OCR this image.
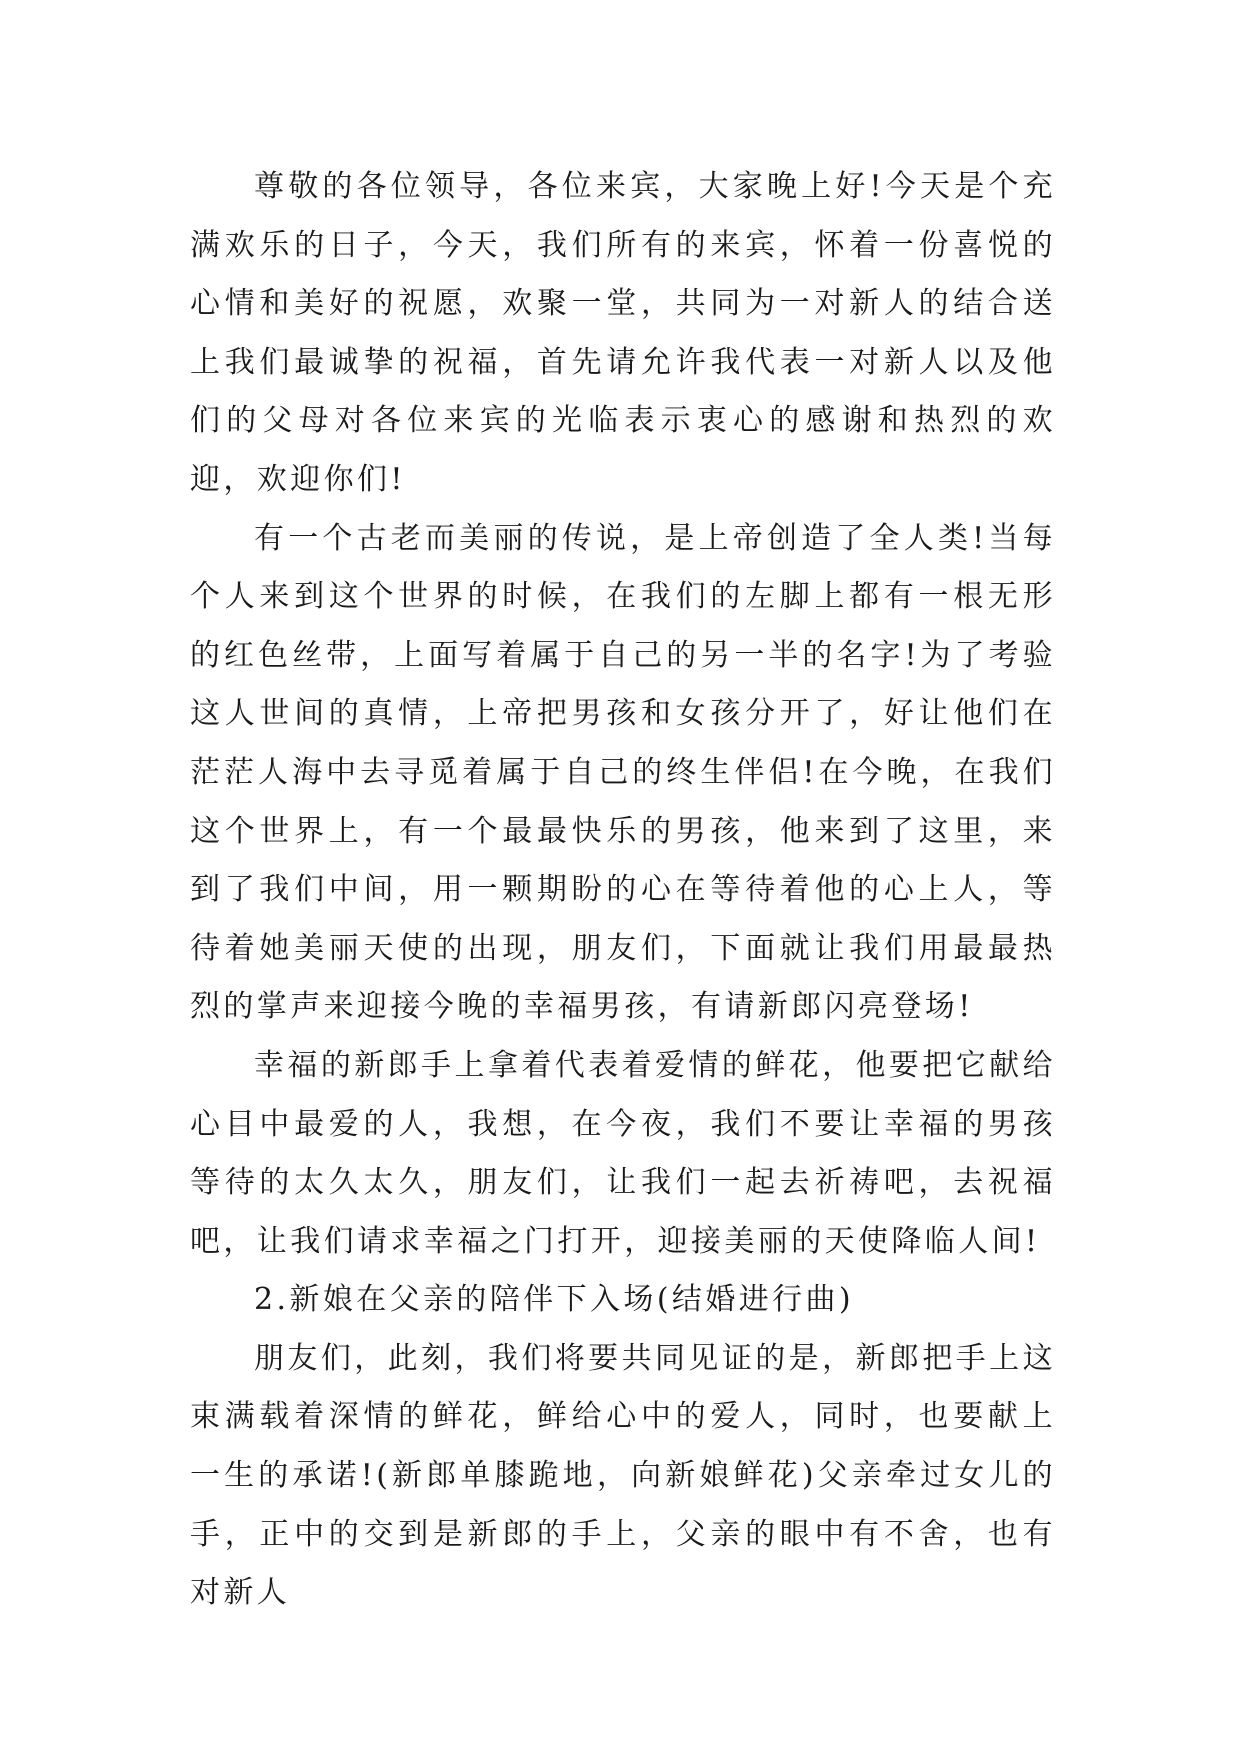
尊敬的各位领导，各位来宾，大家晚上好!今天是个充满欢乐的日子，今天，我们所有的来宾，怀着一份喜悦的心情和美好的祝愿，欢聚一堂，共同为一对新人的结合送上我们最诚挚的祝福，首先请允许我代表一对新人以及他们的父母对各位来宾的光临表示衷心的感谢和热烈的欢迎，欢迎你们!

有一个古老而美丽的传说，是上帝创造了全人类!当每个人来到这个世界的时候，在我们的左脚上都有一根无形的红色丝带，上面写着属于自己的另一半的名字!为了考验这人世间的真情，上帝把男孩和女孩分开了，好让他们在茫茫人海中去寻觅着属于自己的终生伴侣!在今晚，在我们这个世界上，有一个最最快乐的男孩，他来到了这里，来到了我们中间，用一颗期盼的心在等待着他的心上人，等待着她美丽天使的出现，朋友们，下面就让我们用最最热烈的掌声来迎接今晚的幸福男孩，有请新郎闪亮登场!

幸福的新郎手上拿着代表着爱情的鲜花，他要把它献给心目中最爱的人，我想，在今夜，我们不要让幸福的男孩等待的太久太久，朋友们，让我们一起去祈祷吧，去祝福吧，让我们请求幸福之门打开，迎接美丽的天使降临人间!

2.新娘在父亲的陪伴下入场(结婚进行曲)

朋友们，此刻，我们将要共同见证的是，新郎把手上这束满载着深情的鲜花，鲜给心中的爱人，同时，也要献上一生的承诺!(新郎单膝跪地，向新娘鲜花)父亲牵过女儿的手，正中的交到是新郎的手上，父亲的眼中有不舍，也有对新人
